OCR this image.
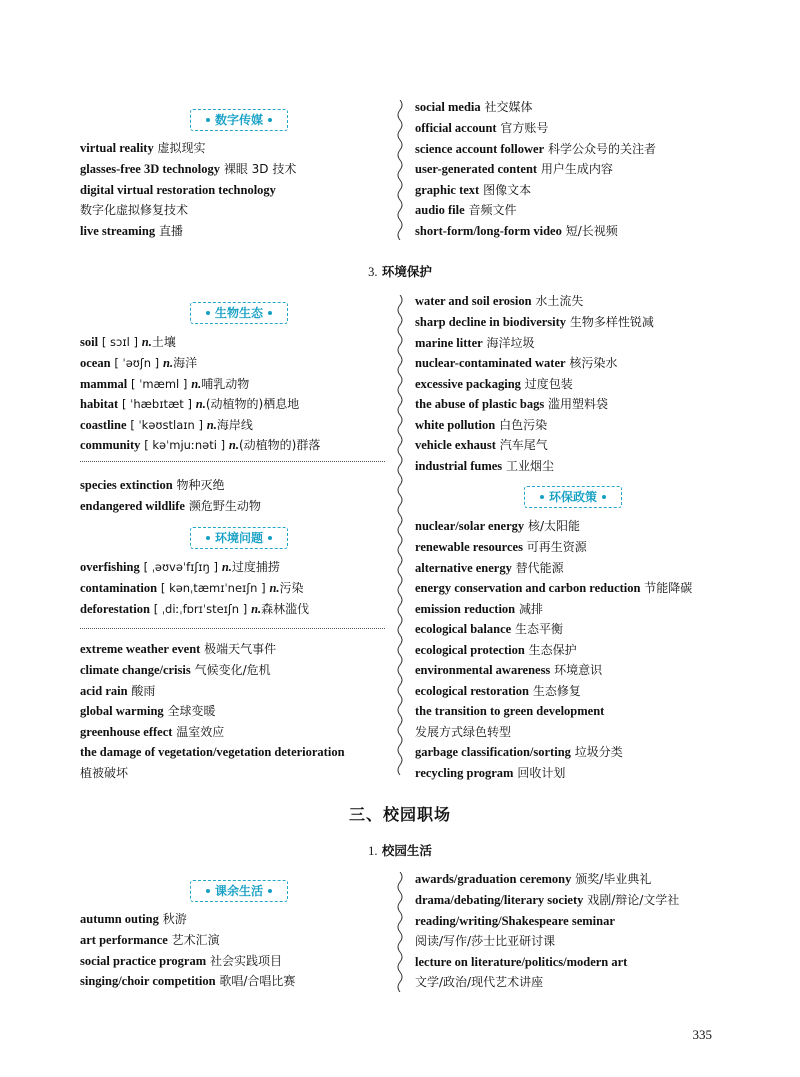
数字传媒
virtual reality 虚拟现实
glasses-free 3D technology 裸眼 3D 技术
digital virtual restoration technology
数字化虚拟修复技术
live streaming 直播
social media 社交媒体
official account 官方账号
science account follower 科学公众号的关注者
user-generated content 用户生成内容
graphic text 图像文本
audio file 音频文件
short-form/long-form video 短/长视频
3. 环境保护
生物生态
soil [ sɔɪl ] n.土壤
ocean [ ˈəʊʃn ] n.海洋
mammal [ ˈmæml ] n.哺乳动物
habitat [ ˈhæbɪtæt ] n.(动植物的)栖息地
coastline [ ˈkəʊstlaɪn ] n.海岸线
community [ kəˈmjuːnəti ] n.(动植物的)群落
species extinction 物种灭绝
endangered wildlife 濒危野生动物
环境问题
overfishing [ ˌəʊvəˈfɪʃɪŋ ] n.过度捕捞
contamination [ kənˌtæmɪˈneɪʃn ] n.污染
deforestation [ ˌdiːˌfɒrɪˈsteɪʃn ] n.森林滥伐
extreme weather event 极端天气事件
climate change/crisis 气候变化/危机
acid rain 酸雨
global warming 全球变暖
greenhouse effect 温室效应
the damage of vegetation/vegetation deterioration
植被破坏
water and soil erosion 水土流失
sharp decline in biodiversity 生物多样性锐减
marine litter 海洋垃圾
nuclear-contaminated water 核污染水
excessive packaging 过度包装
the abuse of plastic bags 滥用塑料袋
white pollution 白色污染
vehicle exhaust 汽车尾气
industrial fumes 工业烟尘
环保政策
nuclear/solar energy 核/太阳能
renewable resources 可再生资源
alternative energy 替代能源
energy conservation and carbon reduction 节能降碳
emission reduction 减排
ecological balance 生态平衡
ecological protection 生态保护
environmental awareness 环境意识
ecological restoration 生态修复
the transition to green development
发展方式绿色转型
garbage classification/sorting 垃圾分类
recycling program 回收计划
三、校园职场
1. 校园生活
课余生活
autumn outing 秋游
art performance 艺术汇演
social practice program 社会实践项目
singing/choir competition 歌唱/合唱比赛
awards/graduation ceremony 颁奖/毕业典礼
drama/debating/literary society 戏剧/辩论/文学社
reading/writing/Shakespeare seminar
阅读/写作/莎士比亚研讨课
lecture on literature/politics/modern art
文学/政治/现代艺术讲座
335
